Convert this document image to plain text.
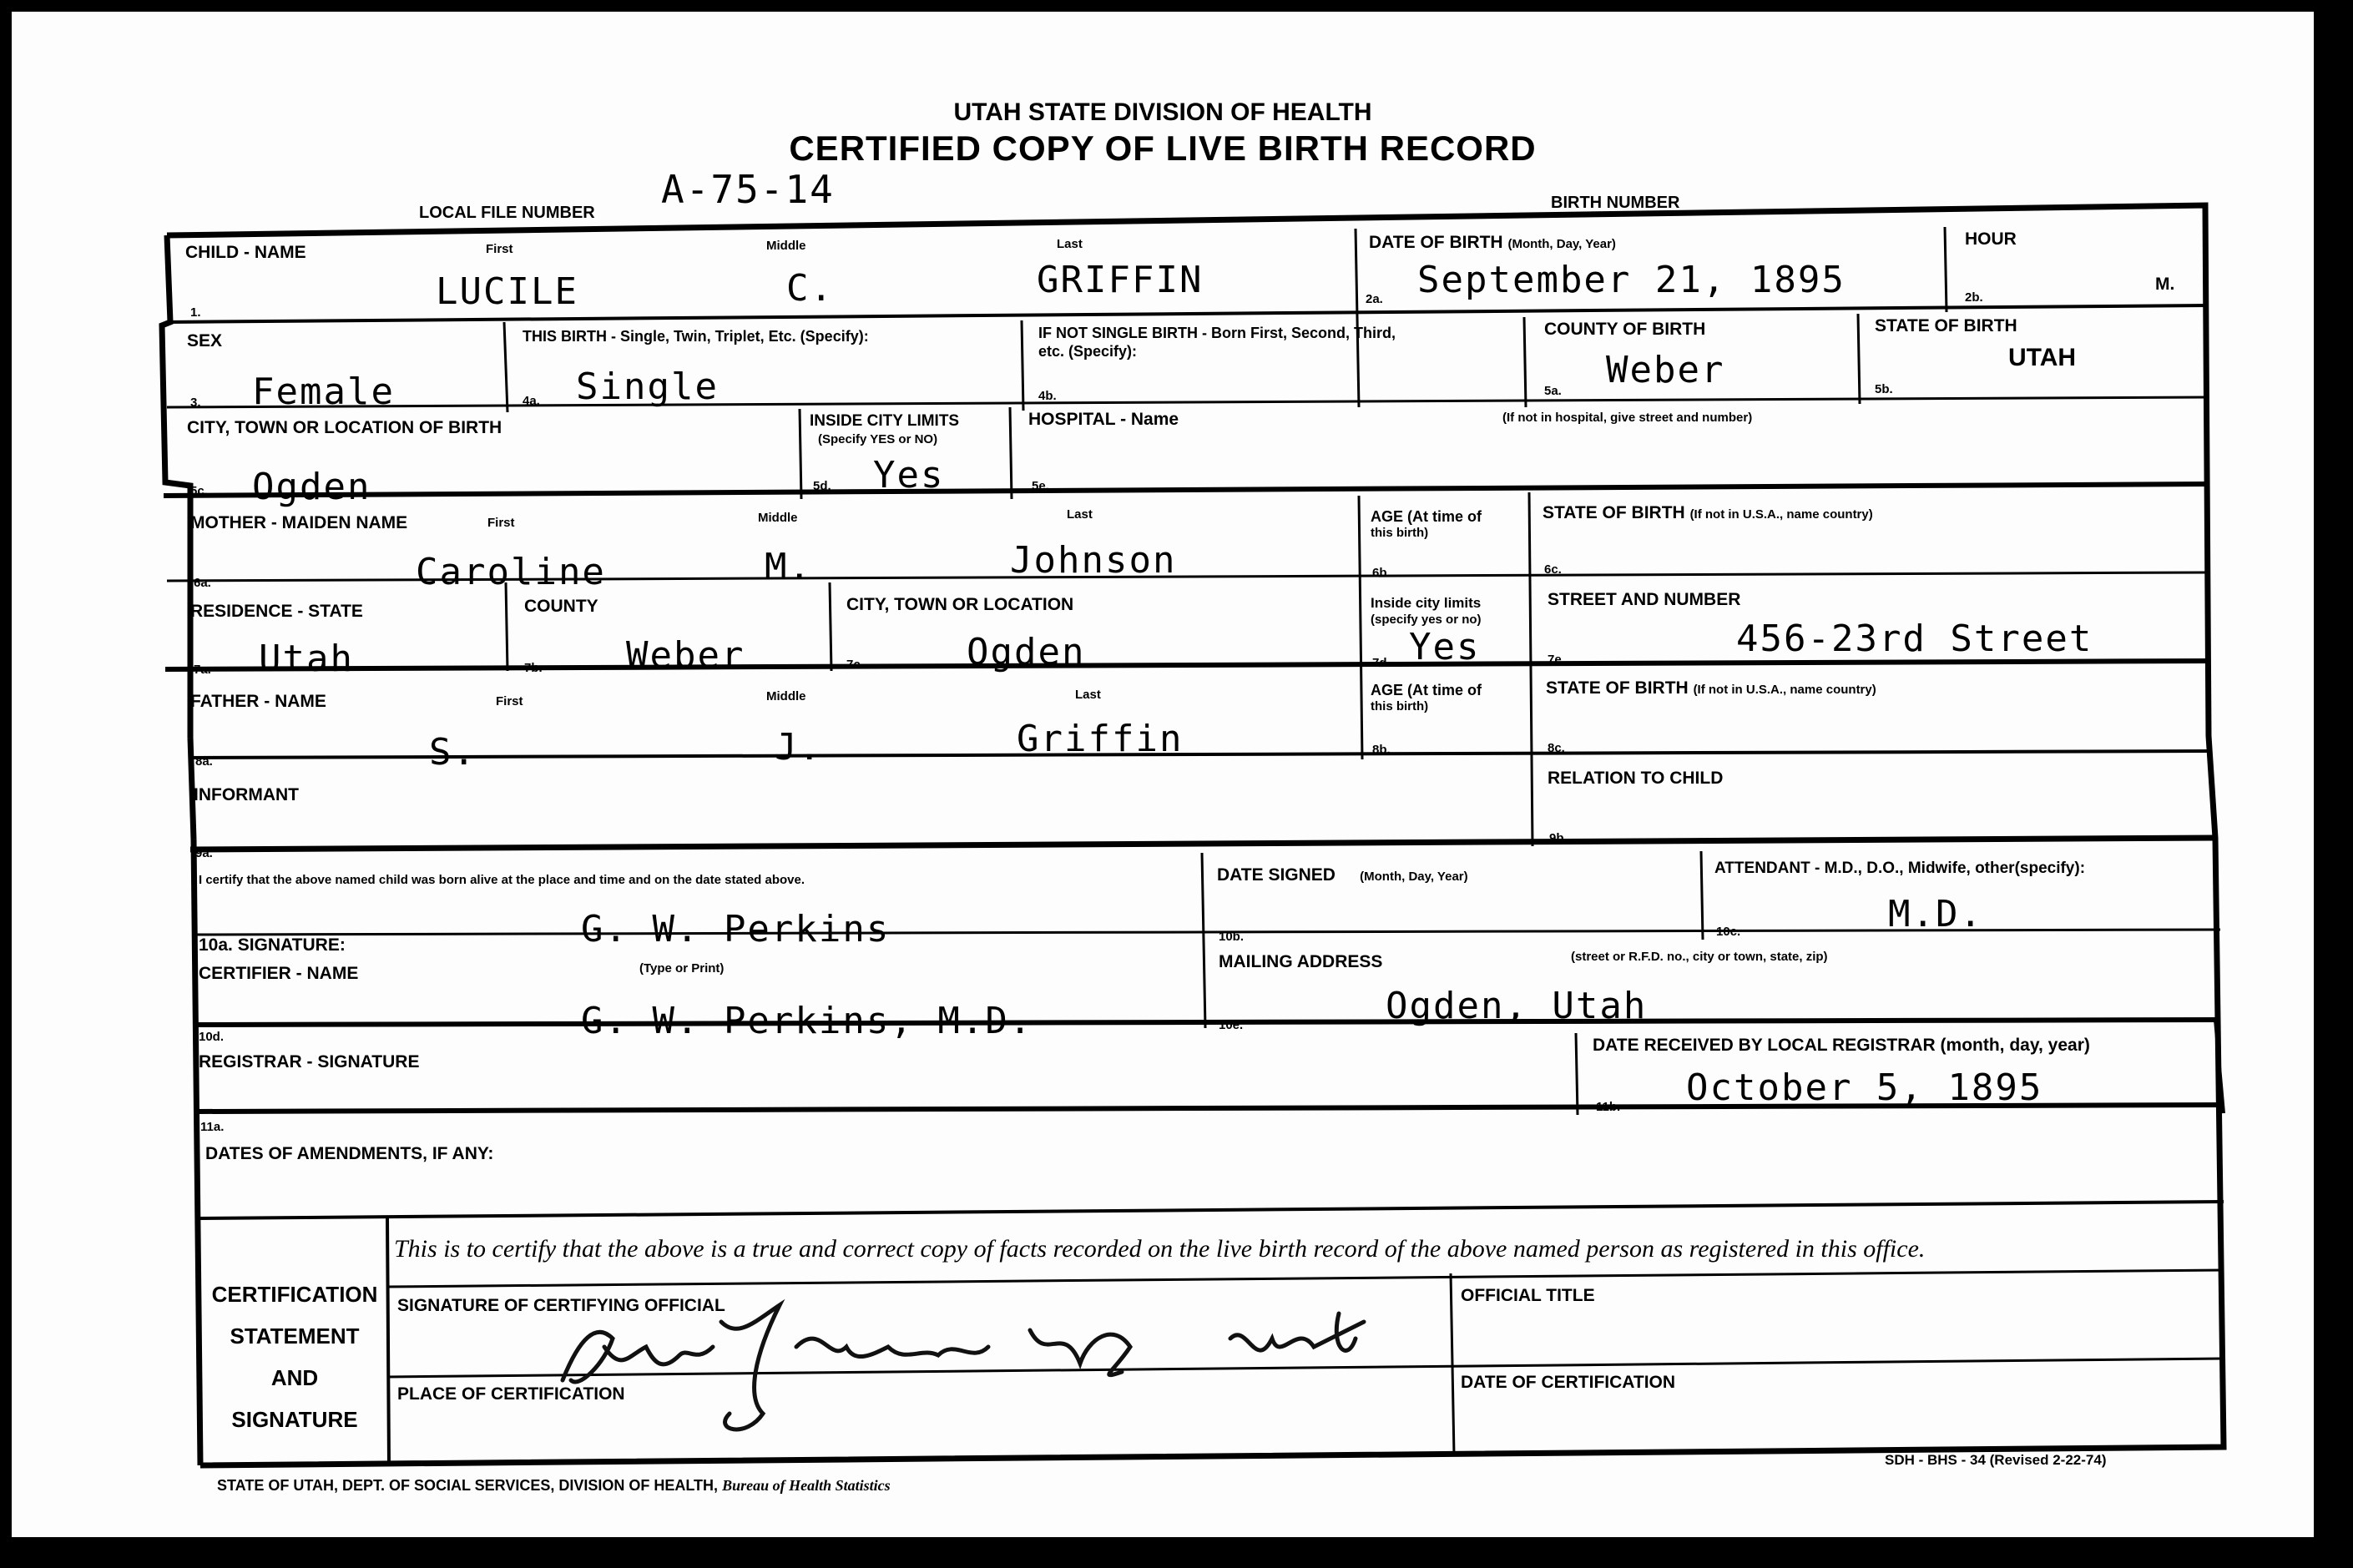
UTAH STATE DIVISION OF HEALTH
CERTIFIED COPY OF LIVE BIRTH RECORD
LOCAL FILE NUMBER
A-75-14	BIRTH NUMBER
CHILD - NAME	First	Middle	Last
LUCILE	C.	GRIFFIN
1.
DATE OF BIRTH (Month, Day, Year)
2a. September 21, 1895
HOUR
2b.
M.
SEX
3. Female
THIS BIRTH - Single, Twin, Triplet, Etc. (Specify):
4a. Single
IF NOT SINGLE BIRTH - Born First, Second, Third,
etc. (Specify):
4b.
COUNTY OF BIRTH
5a. Weber
STATE OF BIRTH
5b.
UTAH
CITY, TOWN OR LOCATION OF BIRTH
5c. Ogden
INSIDE CITY LIMITS
(Specify YES or NO)
5d. Yes
HOSPITAL - Name	(If not in hospital, give street and number)
5e.
MOTHER - MAIDEN NAME	First	Middle	Last
6a.	Caroline	M.	Johnson
AGE (At time of
this birth)
6b.
STATE OF BIRTH (If not in U.S.A., name country)
6c.
RESIDENCE - STATE
7a. Utah
COUNTY
7b. Weber
CITY, TOWN OR LOCATION
7c.	Ogden
Inside city limits
(specify yes or no)
7d. Yes
STREET AND NUMBER
7e.	456-23rd Street
FATHER - NAME	First	Middle	Last
8a.	S.	J.	Griffin
AGE (At time of
this birth)
8b.
STATE OF BIRTH (If not in U.S.A., name country)
8c.
INFORMANT
9a.
RELATION TO CHILD
9b.
I certify that the above named child was born alive at the place and time and on the date stated above.
10a. SIGNATURE:	G. W. Perkins
DATE SIGNED (Month, Day, Year)
10b.
ATTENDANT - M.D., D.O., Midwife, other(specify):
10c.	M.D.
CERTIFIER - NAME	(Type or Print)
10d.	G. W. Perkins, M.D.
MAILING ADDRESS	(street or R.F.D. no., city or town, state, zip)
10e.	Ogden, Utah
REGISTRAR - SIGNATURE
11a.
DATE RECEIVED BY LOCAL REGISTRAR (month, day, year)
11b. October 5, 1895
DATES OF AMENDMENTS, IF ANY:
CERTIFICATION
STATEMENT
AND
SIGNATURE
This is to certify that the above is a true and correct copy of facts recorded on the live birth record of the above named person as registered in this office.
SIGNATURE OF CERTIFYING OFFICIAL
OFFICIAL TITLE
PLACE OF CERTIFICATION
DATE OF CERTIFICATION
STATE OF UTAH, DEPT. OF SOCIAL SERVICES, DIVISION OF HEALTH, Bureau of Health Statistics
SDH - BHS - 34 (Revised 2-22-74)
